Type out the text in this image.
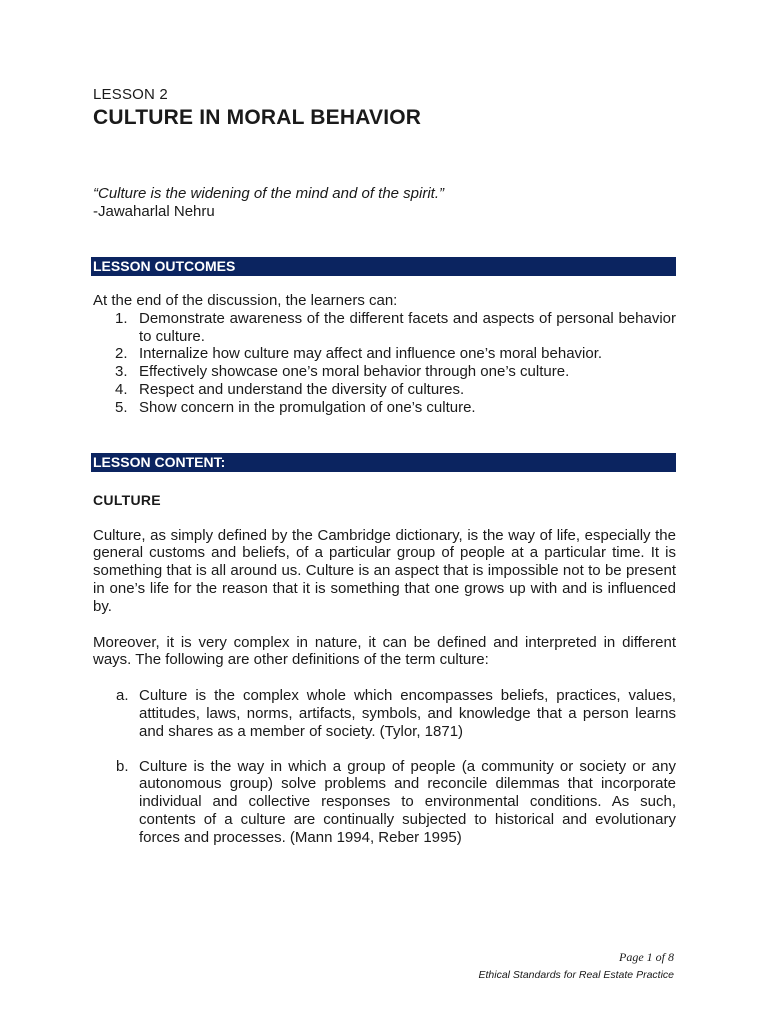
LESSON 2
CULTURE IN MORAL BEHAVIOR
“Culture is the widening of the mind and of the spirit.”
-Jawaharlal Nehru
LESSON OUTCOMES
At the end of the discussion, the learners can:
1. Demonstrate awareness of the different facets and aspects of personal behavior to culture.
2. Internalize how culture may affect and influence one’s moral behavior.
3. Effectively showcase one’s moral behavior through one’s culture.
4. Respect and understand the diversity of cultures.
5. Show concern in the promulgation of one’s culture.
LESSON CONTENT:
CULTURE

Culture, as simply defined by the Cambridge dictionary, is the way of life, especially the general customs and beliefs, of a particular group of people at a particular time. It is something that is all around us. Culture is an aspect that is impossible not to be present in one’s life for the reason that it is something that one grows up with and is influenced by.

Moreover, it is very complex in nature, it can be defined and interpreted in different ways. The following are other definitions of the term culture:

a. Culture is the complex whole which encompasses beliefs, practices, values, attitudes, laws, norms, artifacts, symbols, and knowledge that a person learns and shares as a member of society. (Tylor, 1871)
b. Culture is the way in which a group of people (a community or society or any autonomous group) solve problems and reconcile dilemmas that incorporate individual and collective responses to environmental conditions. As such, contents of a culture are continually subjected to historical and evolutionary forces and processes. (Mann 1994, Reber 1995)
Page 1 of 8
Ethical Standards for Real Estate Practice
